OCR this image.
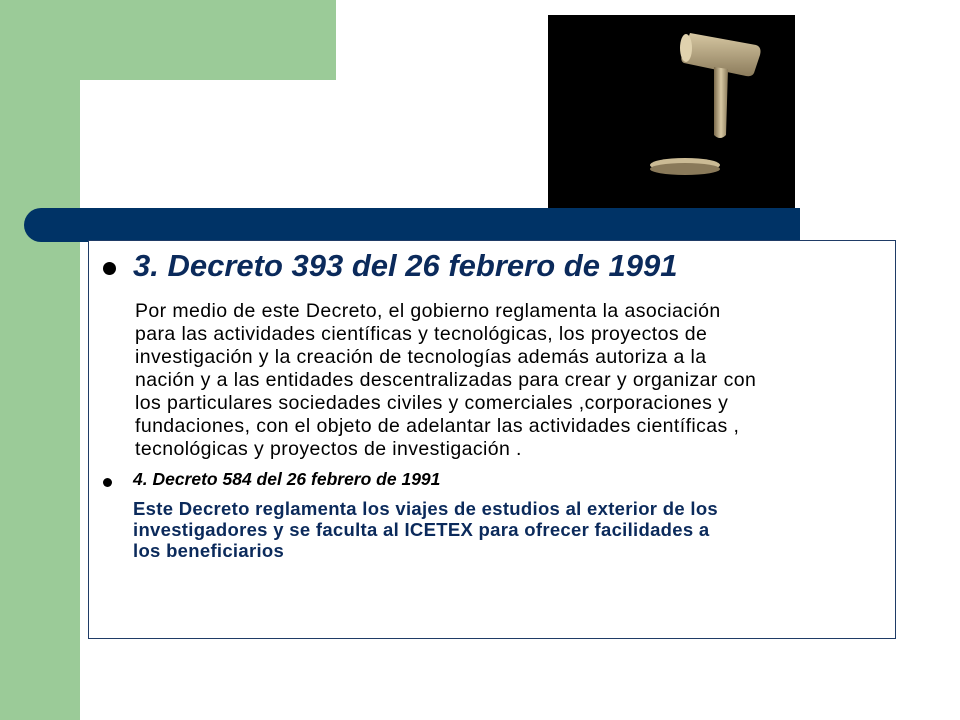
3. Decreto 393 del 26 febrero de 1991

Por medio de este Decreto, el gobierno reglamenta la asociación

para las actividades científicas y tecnológicas, los proyectos de

investigación y la creación de tecnologías además autoriza a la

nación y a las entidades descentralizadas para crear y organizar con

los particulares sociedades civiles y comerciales ,corporaciones y

fundaciones, con el objeto de adelantar las actividades científicas ,

tecnológicas y proyectos de investigación .

4. Decreto 584 del 26 febrero de 1991

Este Decreto reglamenta los viajes de estudios al exterior de los

investigadores y se faculta al ICETEX para ofrecer facilidades a

los beneficiarios
